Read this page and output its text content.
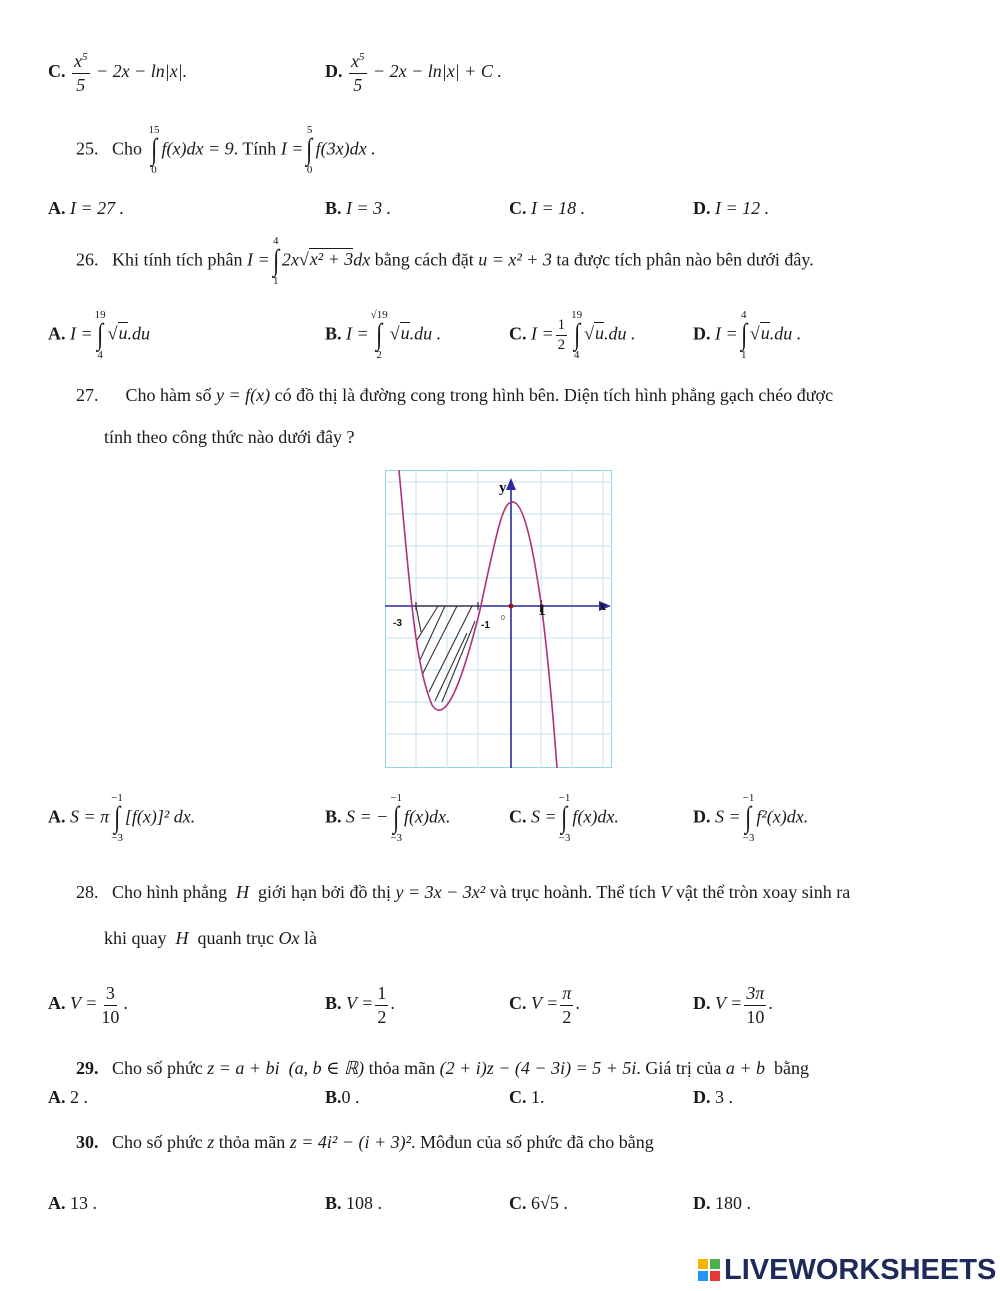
C. $\frac{x^5}{5} - 2x - \ln|x|$.	D. $\frac{x^5}{5} - 2x - \ln|x| + C$ .
25. Cho
15
∫
0
f(x)dx = 9. Tính I =
5
∫
0
f(3x)dx .
A. I = 27 .	B. I = 3 .	C. I = 18 .	D. I = 12 .
26. Khi tính tích phân I =
4
∫
1
2x√x² + 3dx bằng cách đặt u = x² + 3 ta được tích phân nào bên dưới đây.
A. I =
19
∫
4
√u.du	B. I =
√19
∫
2
√u.du .	C. $I = \frac{1}{2}$
19
∫
4
√u.du .	D. I =
4
∫
1
√u.du .
27. Cho hàm số y = f(x) có đồ thị là đường cong trong hình bên. Diện tích hình phẳng gạch chéo được
tính theo công thức nào dưới đây ?
y
x
-3	-1
1
0
A. S = π
−1
∫
−3
[f(x)]² dx.	B. S = −
−1
∫
−3
f(x)dx.	C. S =
−1
∫
−3
f(x)dx.	D. S =
−1
∫
−3
f²(x)dx.
28. Cho hình phẳng H giới hạn bởi đồ thị y = 3x − 3x² và trục hoành. Thể tích V vật thể tròn xoay sinh ra
khi quay H quanh trục Ox là
A. $V = \frac{3}{10}$ .	B. $V = \frac{1}{2}$ .	C. $V = \frac{\pi}{2}$ .	D. $V = \frac{3\pi}{10}$ .
29. Cho số phức z = a + bi (a, b ∈ ℝ) thỏa mãn (2 + i)z − (4 − 3i) = 5 + 5i. Giá trị của a + b bằng
A. 2 .	B.0 .	C. 1.	D. 3 .
30. Cho số phức z thỏa mãn z = 4i² − (i + 3)². Môđun của số phức đã cho bằng
A. 13 .	B. 108 .	C. 6√5 .	D. 180 .
LIVEWORKSHEETS
